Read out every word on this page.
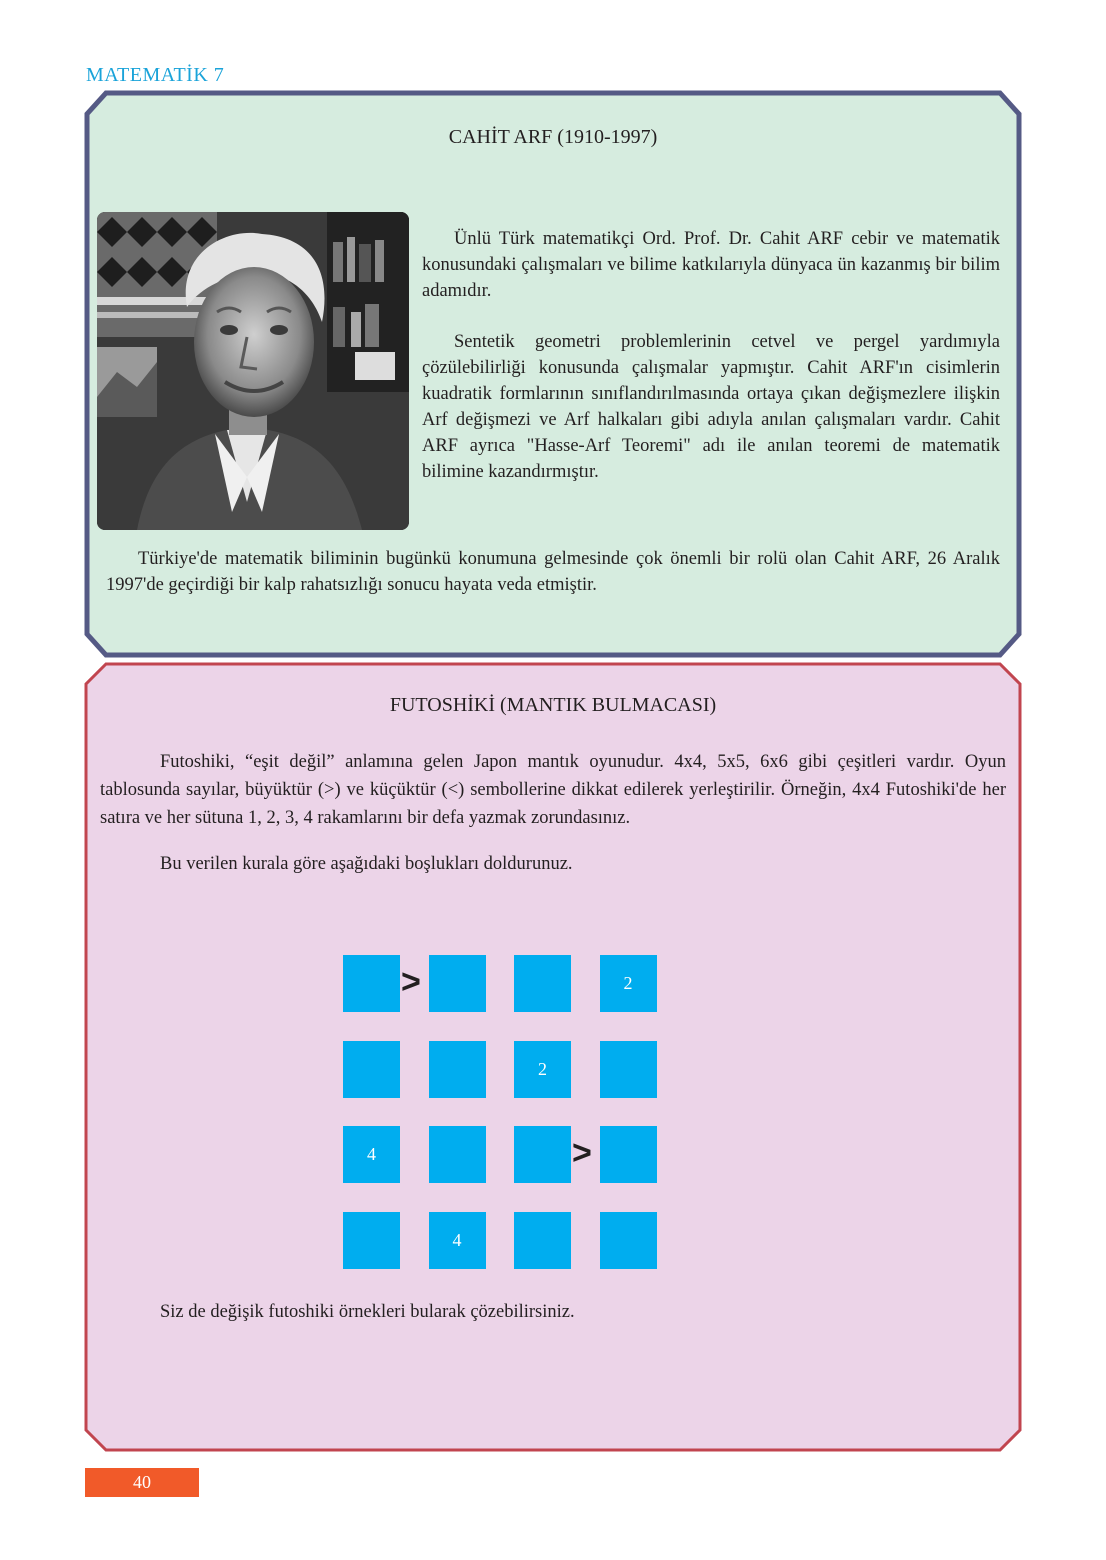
MATEMATİK 7
CAHİT ARF (1910-1997)

Ünlü Türk matematikçi Ord. Prof. Dr. Cahit ARF cebir ve matematik konusundaki çalışmaları ve bilime katkılarıyla dünyaca ün kazanmış bir bilim adamıdır.

Sentetik geometri problemlerinin cetvel ve pergel yardımıyla çözülebilirliği konusunda çalışmalar yapmıştır. Cahit ARF'ın cisimlerin kuadratik formlarının sınıflandırılmasında ortaya çıkan değişmezlere ilişkin Arf değişmezi ve Arf halkaları gibi adıyla anılan çalışmaları vardır. Cahit ARF ayrıca "Hasse-Arf Teoremi" adı ile anılan teoremi de matematik bilimine kazandırmıştır.

Türkiye'de matematik biliminin bugünkü konumuna gelmesinde çok önemli bir rolü olan Cahit ARF, 26 Aralık 1997'de geçirdiği bir kalp rahatsızlığı sonucu hayata veda etmiştir.

FUTOSHİKİ (MANTIK BULMACASI)

Futoshiki, “eşit değil” anlamına gelen Japon mantık oyunudur. 4x4, 5x5, 6x6 gibi çeşitleri vardır. Oyun tablosunda sayılar, büyüktür (>) ve küçüktür (<) sembollerine dikkat edilerek yerleştirilir. Örneğin, 4x4 Futoshiki'de her satıra ve her sütuna 1, 2, 3, 4 rakamlarını bir defa yazmak zorundasınız.

Bu verilen kurala göre aşağıdaki boşlukları doldurunuz.
2
2
4
4
>
>
Siz de değişik futoshiki örnekleri bularak çözebilirsiniz.
40
